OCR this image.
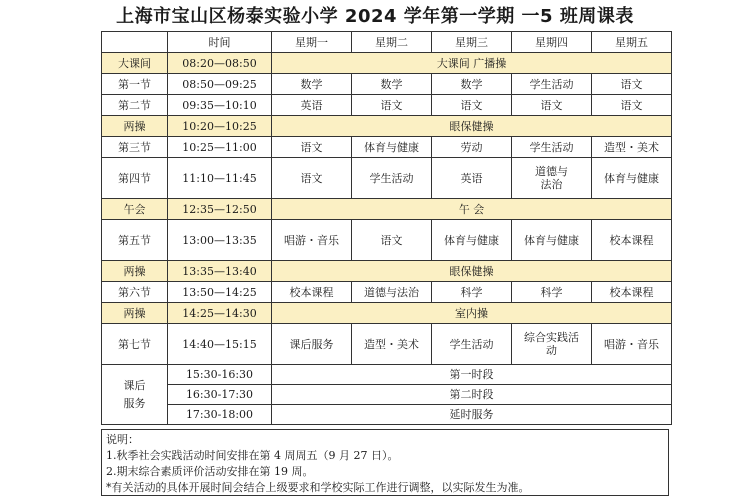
上海市宝山区杨泰实验小学 2024 学年第一学期 一5 班周课表
	时间	星期一	星期二	星期三	星期四	星期五
大课间	08:20—08:50	大课间 广播操				
第一节	08:50—09:25	数学	数学	数学	学生活动	语文
第二节	09:35—10:10	英语	语文	语文	语文	语文
两操	10:20—10:25	眼保健操				
第三节	10:25—11:00	语文	体育与健康	劳动	学生活动	造型・美术
第四节	11:10—11:45	语文	学生活动	英语	道德与法治	体育与健康
午会	12:35—12:50	午 会				
第五节	13:00—13:35	唱游・音乐	语文	体育与健康	体育与健康	校本课程
两操	13:35—13:40	眼保健操				
第六节	13:50—14:25	校本课程	道德与法治	科学	科学	校本课程
两操	14:25—14:30	室内操				
第七节	14:40—15:15	课后服务	造型・美术	学生活动	综合实践活动	唱游・音乐
课后服务	15:30-16:30	第一时段				
	16:30-17:30	第二时段				
	17:30-18:00	延时服务				
说明：
1.秋季社会实践活动时间安排在第 4 周周五（9 月 27 日）。
2.期末综合素质评价活动安排在第 19 周。
*有关活动的具体开展时间会结合上级要求和学校实际工作进行调整，以实际发生为准。
